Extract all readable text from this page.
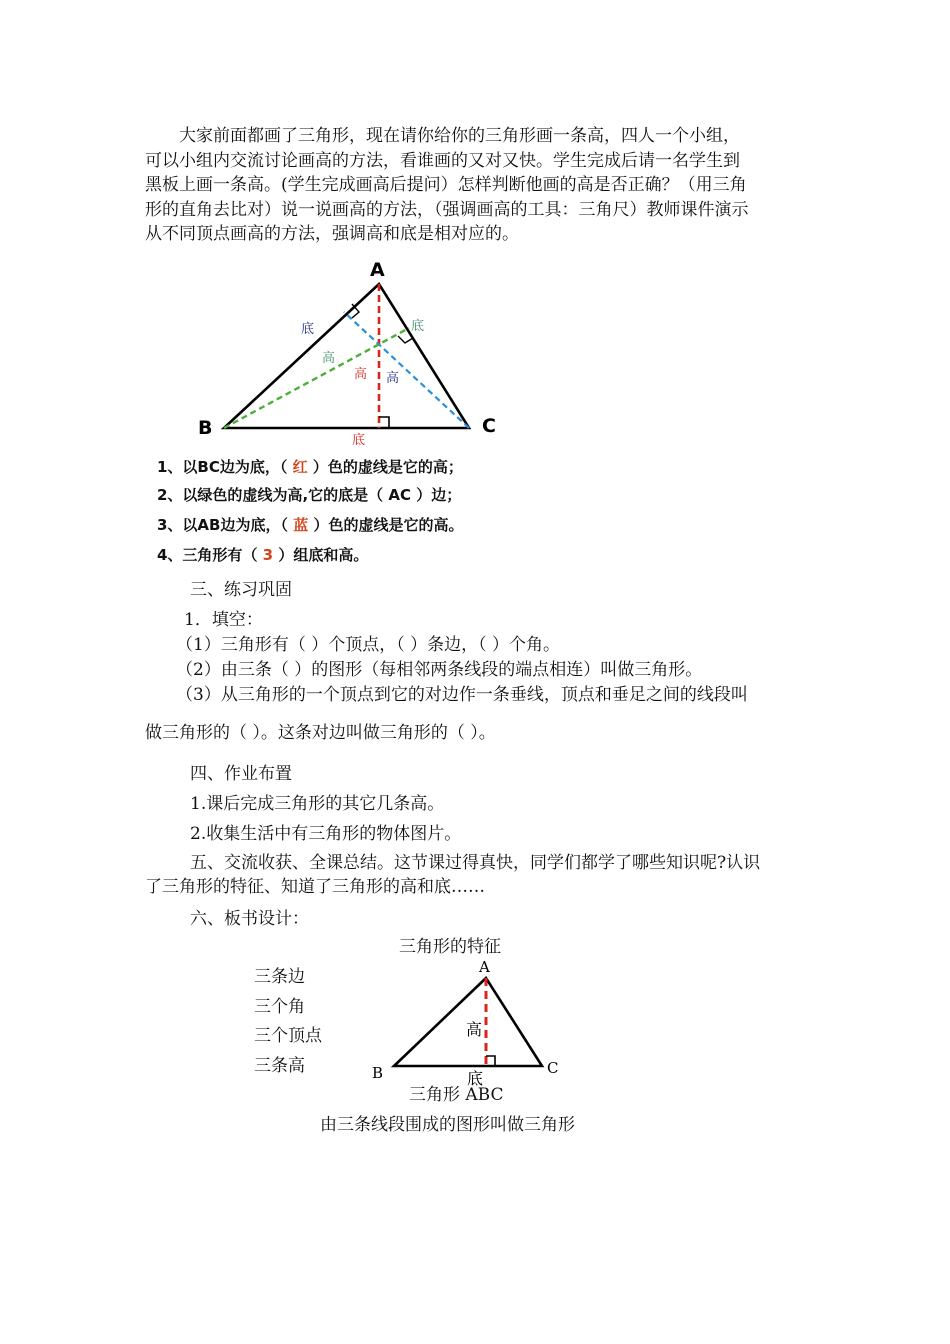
大家前面都画了三角形，现在请你给你的三角形画一条高，四人一个小组，
可以小组内交流讨论画高的方法，看谁画的又对又快。学生完成后请一名学生到
黑板上画一条高。(学生完成画高后提问）怎样判断他画的高是否正确？（用三角
形的直角去比对）说一说画高的方法，（强调画高的工具：三角尺）教师课件演示
从不同顶点画高的方法，强调高和底是相对应的。
A
B	C
底	底
底
高
高 高
1、以BC边为底，（ 红 ）色的虚线是它的高；
2、以绿色的虚线为高,它的底是（ AC ）边；
3、以AB边为底，（ 蓝 ）色的虚线是它的高。
4、三角形有（ 3 ）组底和高。
三、练习巩固
1．填空：
（1）三角形有（ ）个顶点，（ ）条边，（ ）个角。
（2）由三条（ ）的图形（每相邻两条线段的端点相连）叫做三角形。
（3）从三角形的一个顶点到它的对边作一条垂线，顶点和垂足之间的线段叫
做三角形的（ ）。这条对边叫做三角形的（ ）。
四、作业布置
1.课后完成三角形的其它几条高。
2.收集生活中有三角形的物体图片。
五、交流收获、全课总结。这节课过得真快，同学们都学了哪些知识呢?认识
了三角形的特征、知道了三角形的高和底……
六、板书设计：
三角形的特征
三条边
三个角
三个顶点
三条高
A
B	C
高
底
三角形 ABC
由三条线段围成的图形叫做三角形
